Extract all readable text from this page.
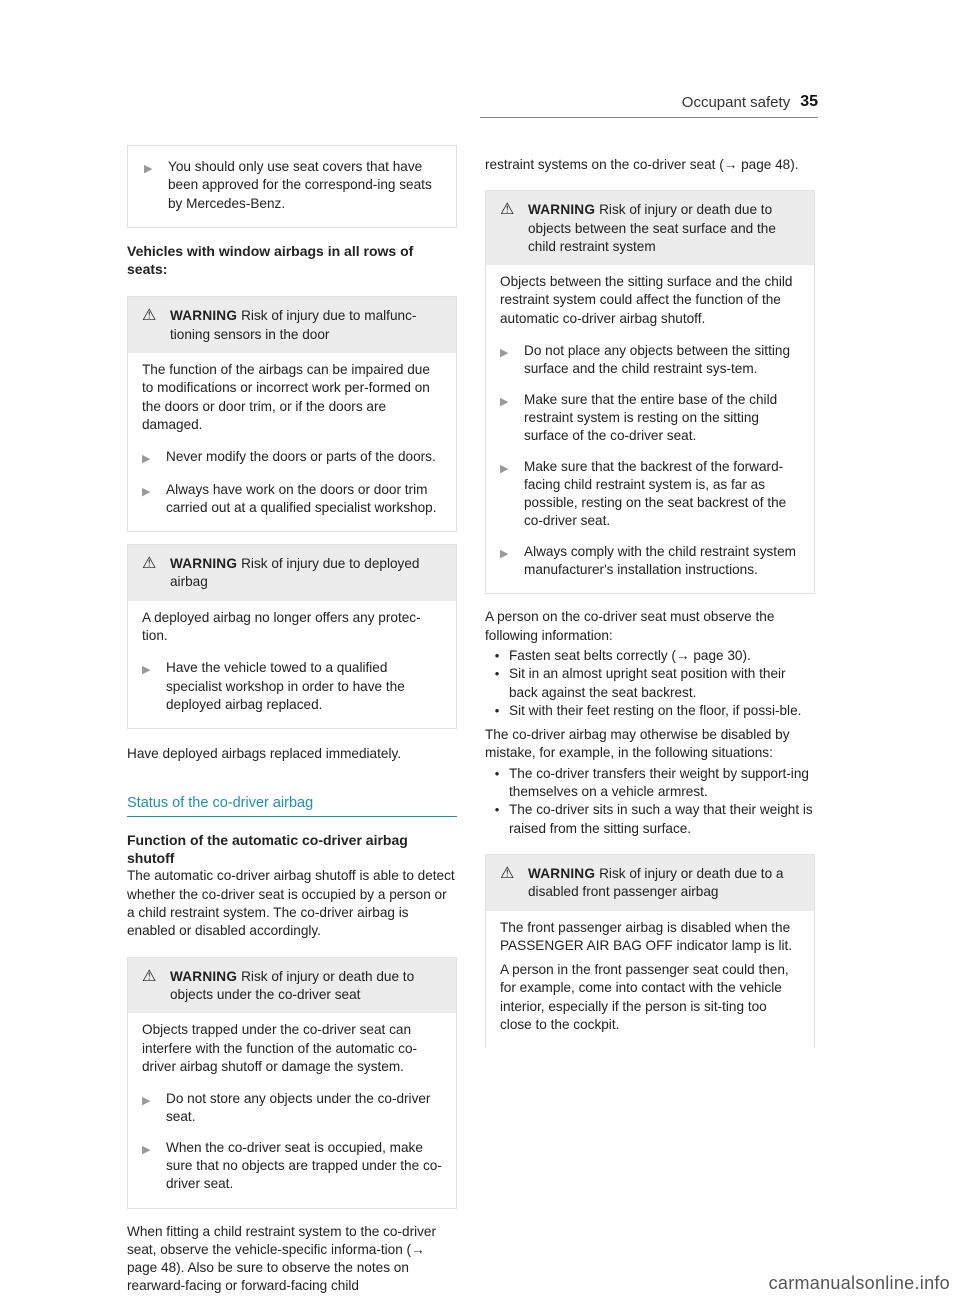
Occupant safety 35
▶	You should only use seat covers that have been approved for the correspond-ing seats by Mercedes-Benz.

Vehicles with window airbags in all rows of seats:

⚠	WARNING Risk of injury due to malfunc-tioning sensors in the door

The function of the airbags can be impaired due to modifications or incorrect work per-formed on the doors or door trim, or if the doors are damaged.

▶	Never modify the doors or parts of the doors.
▶	Always have work on the doors or door trim carried out at a qualified specialist workshop.
⚠	WARNING Risk of injury due to deployed airbag

A deployed airbag no longer offers any protec-tion.

▶	Have the vehicle towed to a qualified specialist workshop in order to have the deployed airbag replaced.

Have deployed airbags replaced immediately.

Status of the co-driver airbag

Function of the automatic co-driver airbag shutoff

The automatic co-driver airbag shutoff is able to detect whether the co-driver seat is occupied by a person or a child restraint system. The co-driver airbag is enabled or disabled accordingly.

⚠	WARNING Risk of injury or death due to objects under the co-driver seat

Objects trapped under the co-driver seat can interfere with the function of the automatic co-driver airbag shutoff or damage the system.

▶	Do not store any objects under the co-driver seat.
▶	When the co-driver seat is occupied, make sure that no objects are trapped under the co-driver seat.

When fitting a child restraint system to the co-driver seat, observe the vehicle-specific informa-tion (→ page 48). Also be sure to observe the notes on rearward-facing or forward-facing child

restraint systems on the co-driver seat (→ page 48).

⚠	WARNING Risk of injury or death due to objects between the seat surface and the child restraint system

Objects between the sitting surface and the child restraint system could affect the function of the automatic co-driver airbag shutoff.

▶	Do not place any objects between the sitting surface and the child restraint sys-tem.
▶	Make sure that the entire base of the child restraint system is resting on the sitting surface of the co-driver seat.
▶	Make sure that the backrest of the forward-facing child restraint system is, as far as possible, resting on the seat backrest of the co-driver seat.
▶	Always comply with the child restraint system manufacturer's installation instructions.

A person on the co-driver seat must observe the following information:

• Fasten seat belts correctly (→ page 30).
• Sit in an almost upright seat position with their back against the seat backrest.
• Sit with their feet resting on the floor, if possi-ble.

The co-driver airbag may otherwise be disabled by mistake, for example, in the following situations:

• The co-driver transfers their weight by support-ing themselves on a vehicle armrest.
• The co-driver sits in such a way that their weight is raised from the sitting surface.
⚠	WARNING Risk of injury or death due to a disabled front passenger airbag

The front passenger airbag is disabled when the PASSENGER AIR BAG OFF indicator lamp is lit.

A person in the front passenger seat could then, for example, come into contact with the vehicle interior, especially if the person is sit-ting too close to the cockpit.

carmanualsonline.info
